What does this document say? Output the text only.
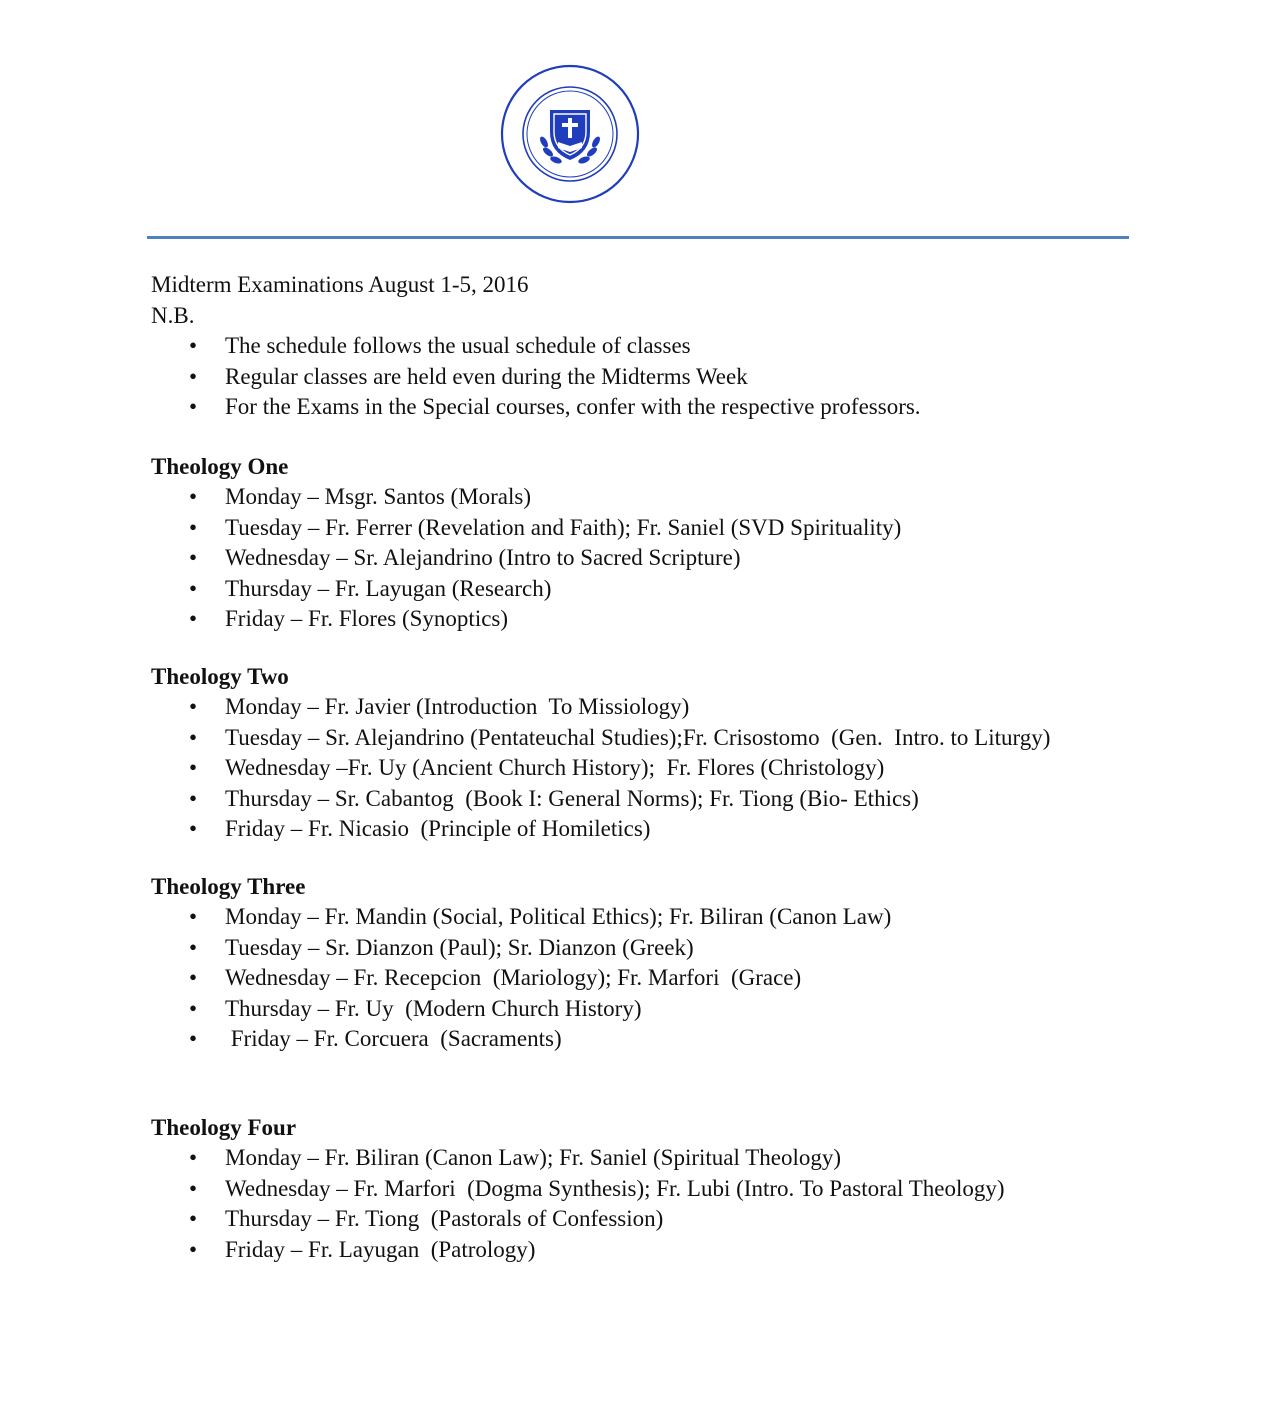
Midterm Examinations August 1-5, 2016

N.B.

• The schedule follows the usual schedule of classes
• Regular classes are held even during the Midterms Week
• For the Exams in the Special courses, confer with the respective professors.

Theology One

• Monday – Msgr. Santos (Morals)
• Tuesday – Fr. Ferrer (Revelation and Faith); Fr. Saniel (SVD Spirituality)
• Wednesday – Sr. Alejandrino (Intro to Sacred Scripture)
• Thursday – Fr. Layugan (Research)
• Friday – Fr. Flores (Synoptics)

Theology Two

• Monday – Fr. Javier (Introduction  To Missiology)
• Tuesday – Sr. Alejandrino (Pentateuchal Studies);Fr. Crisostomo  (Gen.  Intro. to Liturgy)
• Wednesday –Fr. Uy (Ancient Church History);  Fr. Flores (Christology)
• Thursday – Sr. Cabantog  (Book I: General Norms); Fr. Tiong (Bio- Ethics)
• Friday – Fr. Nicasio  (Principle of Homiletics)

Theology Three

• Monday – Fr. Mandin (Social, Political Ethics); Fr. Biliran (Canon Law)
• Tuesday – Sr. Dianzon (Paul); Sr. Dianzon (Greek)
• Wednesday – Fr. Recepcion  (Mariology); Fr. Marfori  (Grace)
• Thursday – Fr. Uy  (Modern Church History)
• Friday – Fr. Corcuera  (Sacraments)

Theology Four

• Monday – Fr. Biliran (Canon Law); Fr. Saniel (Spiritual Theology)
• Wednesday – Fr. Marfori  (Dogma Synthesis); Fr. Lubi (Intro. To Pastoral Theology)
• Thursday – Fr. Tiong  (Pastorals of Confession)
• Friday – Fr. Layugan  (Patrology)
